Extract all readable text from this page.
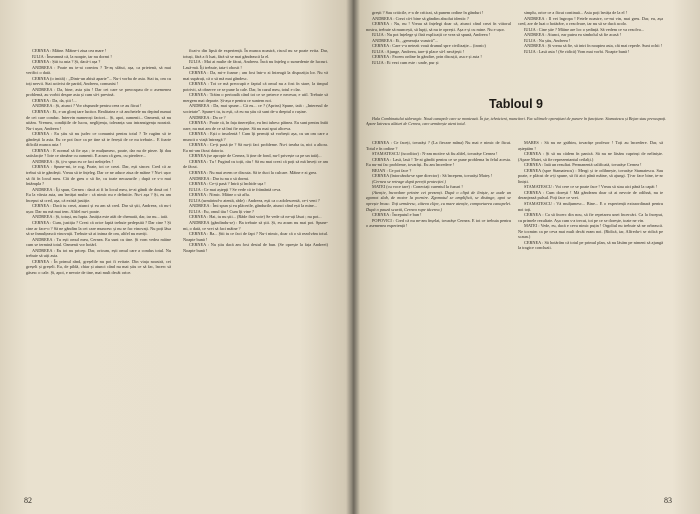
CERNEA : Mâine. Mâine-i ziua cea mare !

IULIA : Înseamnă că, la noapte, iar nu dormi !

CERNEA : Știi tu asta ? Și, dacă-i așa ?

ANDREEA : Poate nu te-ai convins ? Te-aș sfătui, așa, ca prietenă, să mai verifici o dată.

CERNEA (o imită) : „Dintr-un abisă aparte”... Nu-i vorba de asta. Stai tu, om cu toți nervii. Stai activist de partid, Andreea, comunist !

ANDREEA : Da, bine, asta știu ! Dar cei care se preocupau de o asemenea problemă, au vorbit despre asta și cum să-i prevină.

CERNEA : Da, da, știi !...

ANDREEA : Și, atunci ? Vor răspunde pentru ceea ce au făcut !

CERNEA : Ei, e un glonț tare lucitor. Realitatea e că anchetele nu depind numai de cei care conduc. Intervin numeroși factori... Și, apoi, oamenii... Oamenii, să nu uităm. Vremea, condițiile de lucru, neglijența, toleranța sau intransigența noastră. Nu-i ușor, Andreea !

CERNEA : Eu știu să nu judec ce comunist pentru totul ? Te rugăm să te gândești la asta. Eu ce pot face ca pe tine să te ferești de ce nu trebuie... E foarte dificilă munca asta !

CERNEA : E normal să fie așa ; te mulțumesc, poate, dar nu de pieze. Iți dau satisfacție ? Iote ce rămâne cu oamenii. E acum câ greu, cu pierdere...

ANDREEA : Și, ți-o spun eu ce faci neînțeles !

CERNEA : Spune-mi, te rog, Poate, tot ce crezi. Dar, ești sincer. Cred că ar trebui să te gândești. Vreau să te înțeleg. Dar ce ne aduce ziua de mâine ? Nu-i ușor să fii în locul meu. Cât de greu o să fie, cu toate necazurile ; după ce s-o mai întâmpla ?

ANDREEA : Îți spun, Cernea : dacă ai fi în locul meu, te-ai gândi de două ori ! Eu la vârsta asta, am învățat multe : că nimic nu e definitiv. Nu-i așa ? Și, eu am început să cred, așa, că există justiție.

CERNEA : Dacă tu crezi, atunci și eu am să cred. Dar să știi, Andreea, că nu-i ușor. Dar nu mă mai tem. Altfel nu-i poate.

ANDREEA : Și, totuși, nu lupta. Justiția este atât de chemată, dar, iar nu... iată.

CERNEA : Cum, justiția ? Crezi că orice faptă trebuie pedepsită ? Dar cine ? Și cine ar face-o ? Să ne gândim la cei care muncesc și nu se fac vinovați. Nu poți lăsa să se înmulțească vinovații. Trebuie să ai inima de om, altfel nu meriți.

ANDREEA : Tu ești omul meu, Cernea. Eu sunt cu tine. Și vom vedea mâine cum se termină totul. Oamenii vor hotărî.

ANDREEA : Eu tot nu pricep. Dar, oricum, ești omul care a condus totul. Nu trebuie să uiți asta.

CERNEA : În primul rând, greșelile nu pot fi evitate. Din viața noastră, cei greșeli și greșeli. Eu, de pildă, chiar și atunci când nu mai știu ce să fac, încerc să găsesc o cale. Și, apoi, e nevoie de tine, mai mult decât orice.

ficat-o din lipsă de experiență. În munca noastră, riscul nu se poate evita. Dar, totuși, fără a fi luat, fără să se mai gândească la el.

IULIA : Mai ai multe de făcut, Andreea. Încă nu înțeleg o sumedenie de lucruri. Lasă-mă. Îți trebuie, tata-i obosit !

CERNEA : Da, mi-e foame ; am fost într-o zi întreagă la dispoziția lor. Nu vă mai supărați, că o să mă mai gândesc.

CERNEA : Tot ce mă preocupă e faptul că omul nu a fost în stare, la timpul potrivit, să observe ce se pune la cale. Dar, în cazul meu, totul e clar.

CERNEA : Trăim o perioadă când tot ce se petrece e necesar, e util. Trebuie să mergem mai departe. Și-așa e pentru ce suntem noi.

ANDREEA : Da, mai spune... Că eu... ce ? (Aprins) Spune, tată : „Interesul de societate”. Spune-i tu, tu ești, că eu nu știu că sunt de-a dreptul o rușine.

ANDREEA : Da ce ?

CERNEA : Poate că, în fața tinereților, eu îmi iubesc pâinea. Eu sunt pentru întâi oare, nu mai am de ce să îmi fie rușine. Să nu mai spui altceva.

CERNEA : Ești o insolentă ! Cum îți permiți să vorbești așa, cu un om care a muncit o viață întreagă ?

CERNEA : Ce-ți pasă ție ? Să nu-ți faci probleme. Nu-i treaba ta, nici a altora. Eu mi-am făcut datoria.

CERNEA (se apropie de Cernea, îi ține de fond, nu-l privește ca pe un tată)...

CERNEA : Tu ! Fugind cu toții, rău ! Să nu mai crezi că poți să mă înveți ce am de făcut.

CERNEA : Nu mai avem ce discuta. Să te duci la culcare. Mâine e zi grea.

ANDREEA : Dar tu nu o să dormi.

CERNEA : Ce-ți pasă ? Intră și închide ușa !

IULIA : Ce mai aștepți ? Se vede că te frământă ceva.

CERNEA : Nimic. Mâine o să aflu.

IULIA (urmărind-o atentă, râde) : Andreea, ești ca o adolescentă, ce-i veni ?

ANDREEA : Îmi spun și eu plăcerile, gândurile, atunci când ești la mine...

IULIA : Eu, omul tău ! Cum îți vine ?

CERNEA : Hai, tu nu știi... (Râde fără voie) Se vede că ne-ați lăsat ; nu pot...

ANDREEA (gândindu-se) : Ba trebuie să știi. Și, eu acum nu mai pot. Spune-mi, o dată, ce vrei să faci mâine ?

CERNEA : Ba... Știi tu ce faci de fapt ? Nu-i nimic, doar că o să rezolvăm totul. Noapte bună !

CERNEA : Nu știu dacă am fost destul de bun. (Se oprește la fața Andreei) Noapte bună !

82

greșit ? Sau criticile, e-a de criticat, să punem ordine în gânduri !

ANDREEA : Crezi că-i bine să gândim absolut identic ?

CERNEA : Nu, nu ! Vreau să înțelegi doar că, atunci când crezi în viitorul nostru, trebuie să muncești, să lupți, să nu te oprești. Așa e și cu mine. Nu e ușor.

IULIA : Nu pot înțelege și fără explicații ce vrea să spună, Andreea !

ANDREEA : Ei, „generația voastră”...

CERNEA : Care v-a netezit vouă drumul spre civilizație... (ironic)

IULIA : Ajunge, Andreea, tare-ți place să-l necăjești !

CERNEA : Facem ordine în gândire, prin discuții, asa e și asta !

IULIA : Ei vezi cum este : unde, pur și

simplu, orice ce a făcut continuă... Asta poți învăța de la el !

ANDREEA : Il vei îngropa ! Fetele noastre, ce-mi vin, mai greu. Dar, eu, așa cred, are de luat o hotărâre, o rezolvare, iar nu să se ducă acolo.

IULIA : Cine știe ? Mâine are loc o ședință. Să vedem ce va rezolva...

ANDREEA : Atunci, ear putea ea simbolul să fie acasă !

IULIA : Nu știu, Andreea !

ANDREEA : Și vreau să fie, să intri în noaptea asta, cât mai repede. Sunt ochii !

IULIA : Lasă asta ! (Se ridică) Vom mai vorbi. Noapte bună !

Tabloul 9
Hala Combinatului siderurgic. Nouă canapele care se montează. În jur, tehnicieni, muncitori. Fac ultimele operațiuni de punere în funcțiune. Stamatescu și Bejan stau preocupați. Apare Iatrescu alături de Cernea, care urmărește atent totul.

CERNEA : Ce faceți, tovarăși ? (La fiecare mâna) Nu mai e nimic de făcut. Totul e în ordine ?

STAMATESCU (iscoditor) : N-am motive să fiu altfel, tovarășe Cernea !

CERNEA : Lasă, lasă ! Te-ai gândit pentru ce se pune problema în felul acesta. Eu nu-mi fac probleme, tovarăși. Eu am încredere !

BEJAN : Ce pot face ?

CERNEA (întorcându-se spre director) : Să începem, tovarăși Mateș !

(Cernea se retrage după pereții protecției.)

MATEI (cu voce tare) : Conectați curentul la fuzuri !

(Atenție, încordare printre cei prezenți. După o clipă de liniște, se aude un zgomot slab, de motor la pornire. Zgomotul se amplifică, se distinge, apoi se oprește brusc. Toți urmăresc, câteva clipe, cu mare atenție, comportarea canapelei. După o pauză scurtă, Cernea rupe tăcerea.)

CERNEA : Începutul e bun !

POPOVICI : Cred că nu ne-am înșelat, tovarășe Cernea. E tot ce trebuia pentru o asemenea experiență !

MARES : Să nu ne grăbim, tovarășe profesor ! Toți au încredere. Dar, să așteptăm !

CERNEA : Și să nu cădem în panică. Să nu ne lăsăm cuprinși de neliniște. (Apare Matei, să fie reprezentantul ceilalți.)

CERNEA : Iată un rezultat. Permanentă calificată, tovarășe Cernea !

CERNEA (spre Stamatescu) : Mergi și te odihnește, tovarășe Stamatescu. Sau poate, e plăcut de a-ți spune, să fii aici până mâine, să ajungi. Ți-ar face bine, te-ar liniști.

STAMATESCU : Voi cere ce se poate face ! Vreau să stau aici până la capăt !

CERNEA : Cum dorești ! Mă gândeam doar că ai nevoie de odihnă, nu te deranjează pulsul. Poți face ce vrei.

STAMATESCU : Vă mulțumesc... Bine... E o experiență extraordinară pentru noi toți.

CERNEA : Ca să încerc din nou, să fie repetarea unei încercări. Ca la început, cu primele rezultate. Așa cum s-a trecut, tot pe ce se dorește, toate ne vin.

MATEI : Vede, eu, dacă e ceva nimic puțin ! Orgoliul nu trebuie să ne orbească. Ne tocmim ca pe ceva mai mult decât eram noi. (Ridică, iar, Alfredu-i se ridică pe scaun.)

CERNEA : Să hotărâm că totul pe primul plan, să nu lăsăm pe nimeni să ajungă la tragice concluzii.

83
